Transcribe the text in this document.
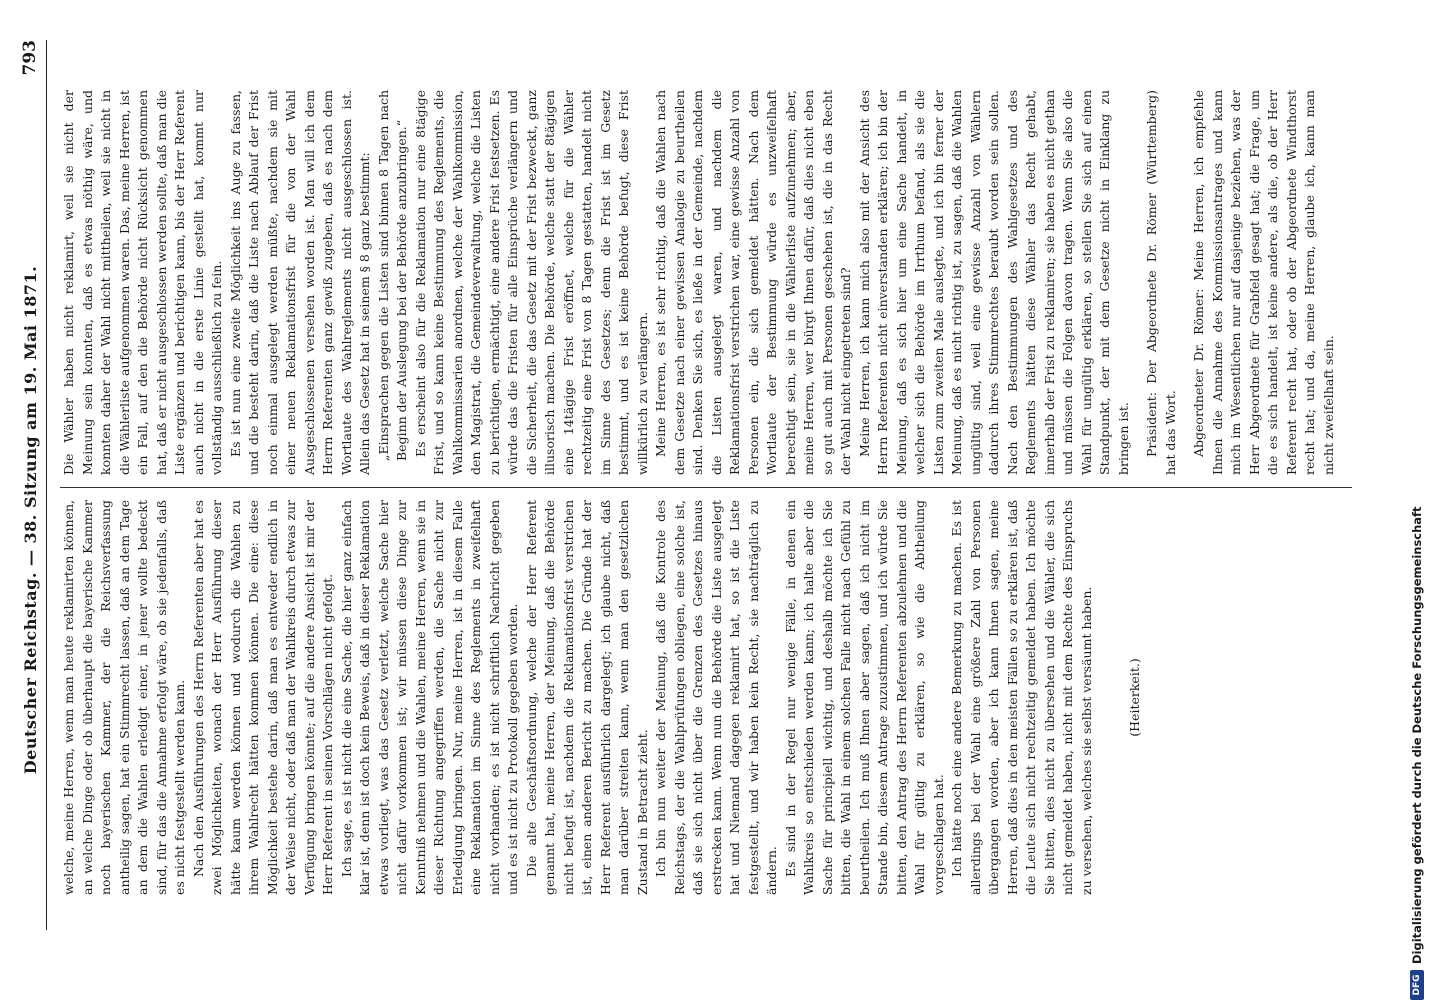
Deutscher Reichstag. — 38. Sitzung am 19. Mai 1871.
793

welche, meine Herren, wenn man heute reklamirten können, an welche Dinge oder ob überhaupt die bayerische Kammer noch bayerischen Kammer, der die Reichsverfassung antheilig sagen, hat ein Stimmrecht lassen, daß an dem Tage an dem die Wahlen erledigt einer, in jener wollte bedeckt sind, für das die Annahme erfolgt wäre, ob sie jedenfalls, daß es nicht festgestellt werden kann. Nach den Ausführungen des Herrn Referenten aber hat es zwei Möglichkeiten, wonach der Herr Ausführung dieser hätte kaum werden können und wodurch die Wahlen zu ihrem Wahlrecht hätten kommen können. Die eine: diese Möglichkeit bestehe darin, daß man es entweder endlich in der Weise nicht, oder daß man der Wahlkreis durch etwas zur Verfügung bringen könnte; auf die andere Ansicht ist mir der Herr Referent in seinen Vorschlägen nicht gefolgt. Ich sage, es ist nicht die eine Sache, die hier ganz einfach klar ist, denn ist doch kein Beweis, daß in dieser Reklamation etwas vorliegt, was das Gesetz verletzt, welche Sache hier nicht dafür vorkommen ist; wir müssen diese Dinge zur Kenntniß nehmen und die Wahlen, meine Herren, wenn sie in dieser Richtung angegriffen werden, die Sache nicht zur Erledigung bringen. Nur, meine Herren, ist in diesem Falle eine Reklamation im Sinne des Reglements in zweifelhaft nicht vorhanden; es ist nicht schriftlich Nachricht gegeben und es ist nicht zu Protokoll gegeben worden. Die alte Geschäftsordnung, welche der Herr Referent genannt hat, meine Herren, der Meinung, daß die Behörde nicht befugt ist, nachdem die Reklamationsfrist verstrichen ist, einen anderen Bericht zu machen. Die Gründe hat der Herr Referent ausführlich dargelegt; ich glaube nicht, daß man darüber streiten kann, wenn man den gesetzlichen Zustand in Betracht zieht. Ich bin nun weiter der Meinung, daß die Kontrole des Reichstags, der die Wahlprüfungen obliegen, eine solche ist, daß sie sich nicht über die Grenzen des Gesetzes hinaus erstrecken kann. Wenn nun die Behörde die Liste ausgelegt hat und Niemand dagegen reklamirt hat, so ist die Liste festgestellt, und wir haben kein Recht, sie nachträglich zu ändern. Es sind in der Regel nur wenige Fälle, in denen ein Wahlkreis so entschieden werden kann; ich halte aber die Sache für principiell wichtig, und deshalb möchte ich Sie bitten, die Wahl in einem solchen Falle nicht nach Gefühl zu beurtheilen. Ich muß Ihnen aber sagen, daß ich nicht im Stande bin, diesem Antrage zuzustimmen, und ich würde Sie bitten, den Antrag des Herrn Referenten abzulehnen und die Wahl für gültig zu erklären, so wie die Abtheilung vorgeschlagen hat. Ich hätte noch eine andere Bemerkung zu machen. Es ist allerdings bei der Wahl eine größere Zahl von Personen übergangen worden, aber ich kann Ihnen sagen, meine Herren, daß dies in den meisten Fällen so zu erklären ist, daß die Leute sich nicht rechtzeitig gemeldet haben. Ich möchte Sie bitten, dies nicht zu übersehen und die Wähler, die sich nicht gemeldet haben, nicht mit dem Rechte des Einspruchs zu versehen, welches sie selbst versäumt haben.	(Heiterkeit.)

Die Wähler haben nicht reklamirt, weil sie nicht der Meinung sein konnten, daß es etwas nöthig wäre, und konnten daher der Wahl nicht mittheilen, weil sie nicht in die Wählerliste aufgenommen waren. Das, meine Herren, ist ein Fall, auf den die Behörde nicht Rücksicht genommen hat, daß er nicht ausgeschlossen werden sollte, daß man die Liste ergänzen und berichtigen kann, bis der Herr Referent auch nicht in die erste Linie gestellt hat, kommt nur vollständig ausschließlich zu fein. Es ist nun eine zweite Möglichkeit ins Auge zu fassen, und die besteht darin, daß die Liste nach Ablauf der Frist noch einmal ausgelegt werden müßte, nachdem sie mit einer neuen Reklamationsfrist für die von der Wahl Ausgeschlossenen versehen worden ist. Man will ich dem Herrn Referenten ganz gewiß zugeben, daß es nach dem Wortlaute des Wahlreglements nicht ausgeschlossen ist. Allein das Gesetz hat in seinem § 8 ganz bestimmt: „Einsprachen gegen die Listen sind binnen 8 Tagen nach Beginn der Auslegung bei der Behörde anzubringen.“ Es erscheint also für die Reklamation nur eine 8tägige Frist, und so kann keine Bestimmung des Reglements, die Wahlkommissarien anordnen, welche der Wahlkommission, den Magistrat, die Gemeindeverwaltung, welche die Listen zu berichtigen, ermächtigt, eine andere Frist festsetzen. Es würde das die Fristen für alle Einsprüche verlängern und die Sicherheit, die das Gesetz mit der Frist bezweckt, ganz illusorisch machen. Die Behörde, welche statt der 8tägigen eine 14tägige Frist eröffnet, welche für die Wähler rechtzeitig eine Frist von 8 Tagen gestatten, handelt nicht im Sinne des Gesetzes; denn die Frist ist im Gesetz bestimmt, und es ist keine Behörde befugt, diese Frist willkürlich zu verlängern. Meine Herren, es ist sehr richtig, daß die Wahlen nach dem Gesetze nach einer gewissen Analogie zu beurtheilen sind. Denken Sie sich, es ließe in der Gemeinde, nachdem die Listen ausgelegt waren, und nachdem die Reklamationsfrist verstrichen war, eine gewisse Anzahl von Personen ein, die sich gemeldet hätten. Nach dem Wortlaute der Bestimmung würde es unzweifelhaft berechtigt sein, sie in die Wählerliste aufzunehmen; aber, meine Herren, wer bürgt Ihnen dafür, daß dies nicht eben so gut auch mit Personen geschehen ist, die in das Recht der Wahl nicht eingetreten sind? Meine Herren, ich kann mich also mit der Ansicht des Herrn Referenten nicht einverstanden erklären; ich bin der Meinung, daß es sich hier um eine Sache handelt, in welcher sich die Behörde im Irrthum befand, als sie die Listen zum zweiten Male auslegte, und ich bin ferner der Meinung, daß es nicht richtig ist, zu sagen, daß die Wahlen ungültig sind, weil eine gewisse Anzahl von Wählern dadurch ihres Stimmrechtes beraubt worden sein sollen. Nach den Bestimmungen des Wahlgesetzes und des Reglements hätten diese Wähler das Recht gehabt, innerhalb der Frist zu reklamiren; sie haben es nicht gethan und müssen die Folgen davon tragen. Wenn Sie also die Wahl für ungültig erklären, so stellen Sie sich auf einen Standpunkt, der mit dem Gesetze nicht in Einklang zu bringen ist. Präsident: Der Abgeordnete Dr. Römer (Württemberg) hat das Wort. Abgeordneter Dr. Römer: Meine Herren, ich empfehle Ihnen die Annahme des Kommissionsantrages und kann mich im Wesentlichen nur auf dasjenige beziehen, was der Herr Abgeordnete für Grabfeld gesagt hat; die Frage, um die es sich handelt, ist keine andere, als die, ob der Herr Referent recht hat, oder ob der Abgeordnete Windthorst recht hat; und da, meine Herren, glaube ich, kann man nicht zweifelhaft sein.

DFG
Digitalisierung gefördert durch die Deutsche Forschungsgemeinschaft
